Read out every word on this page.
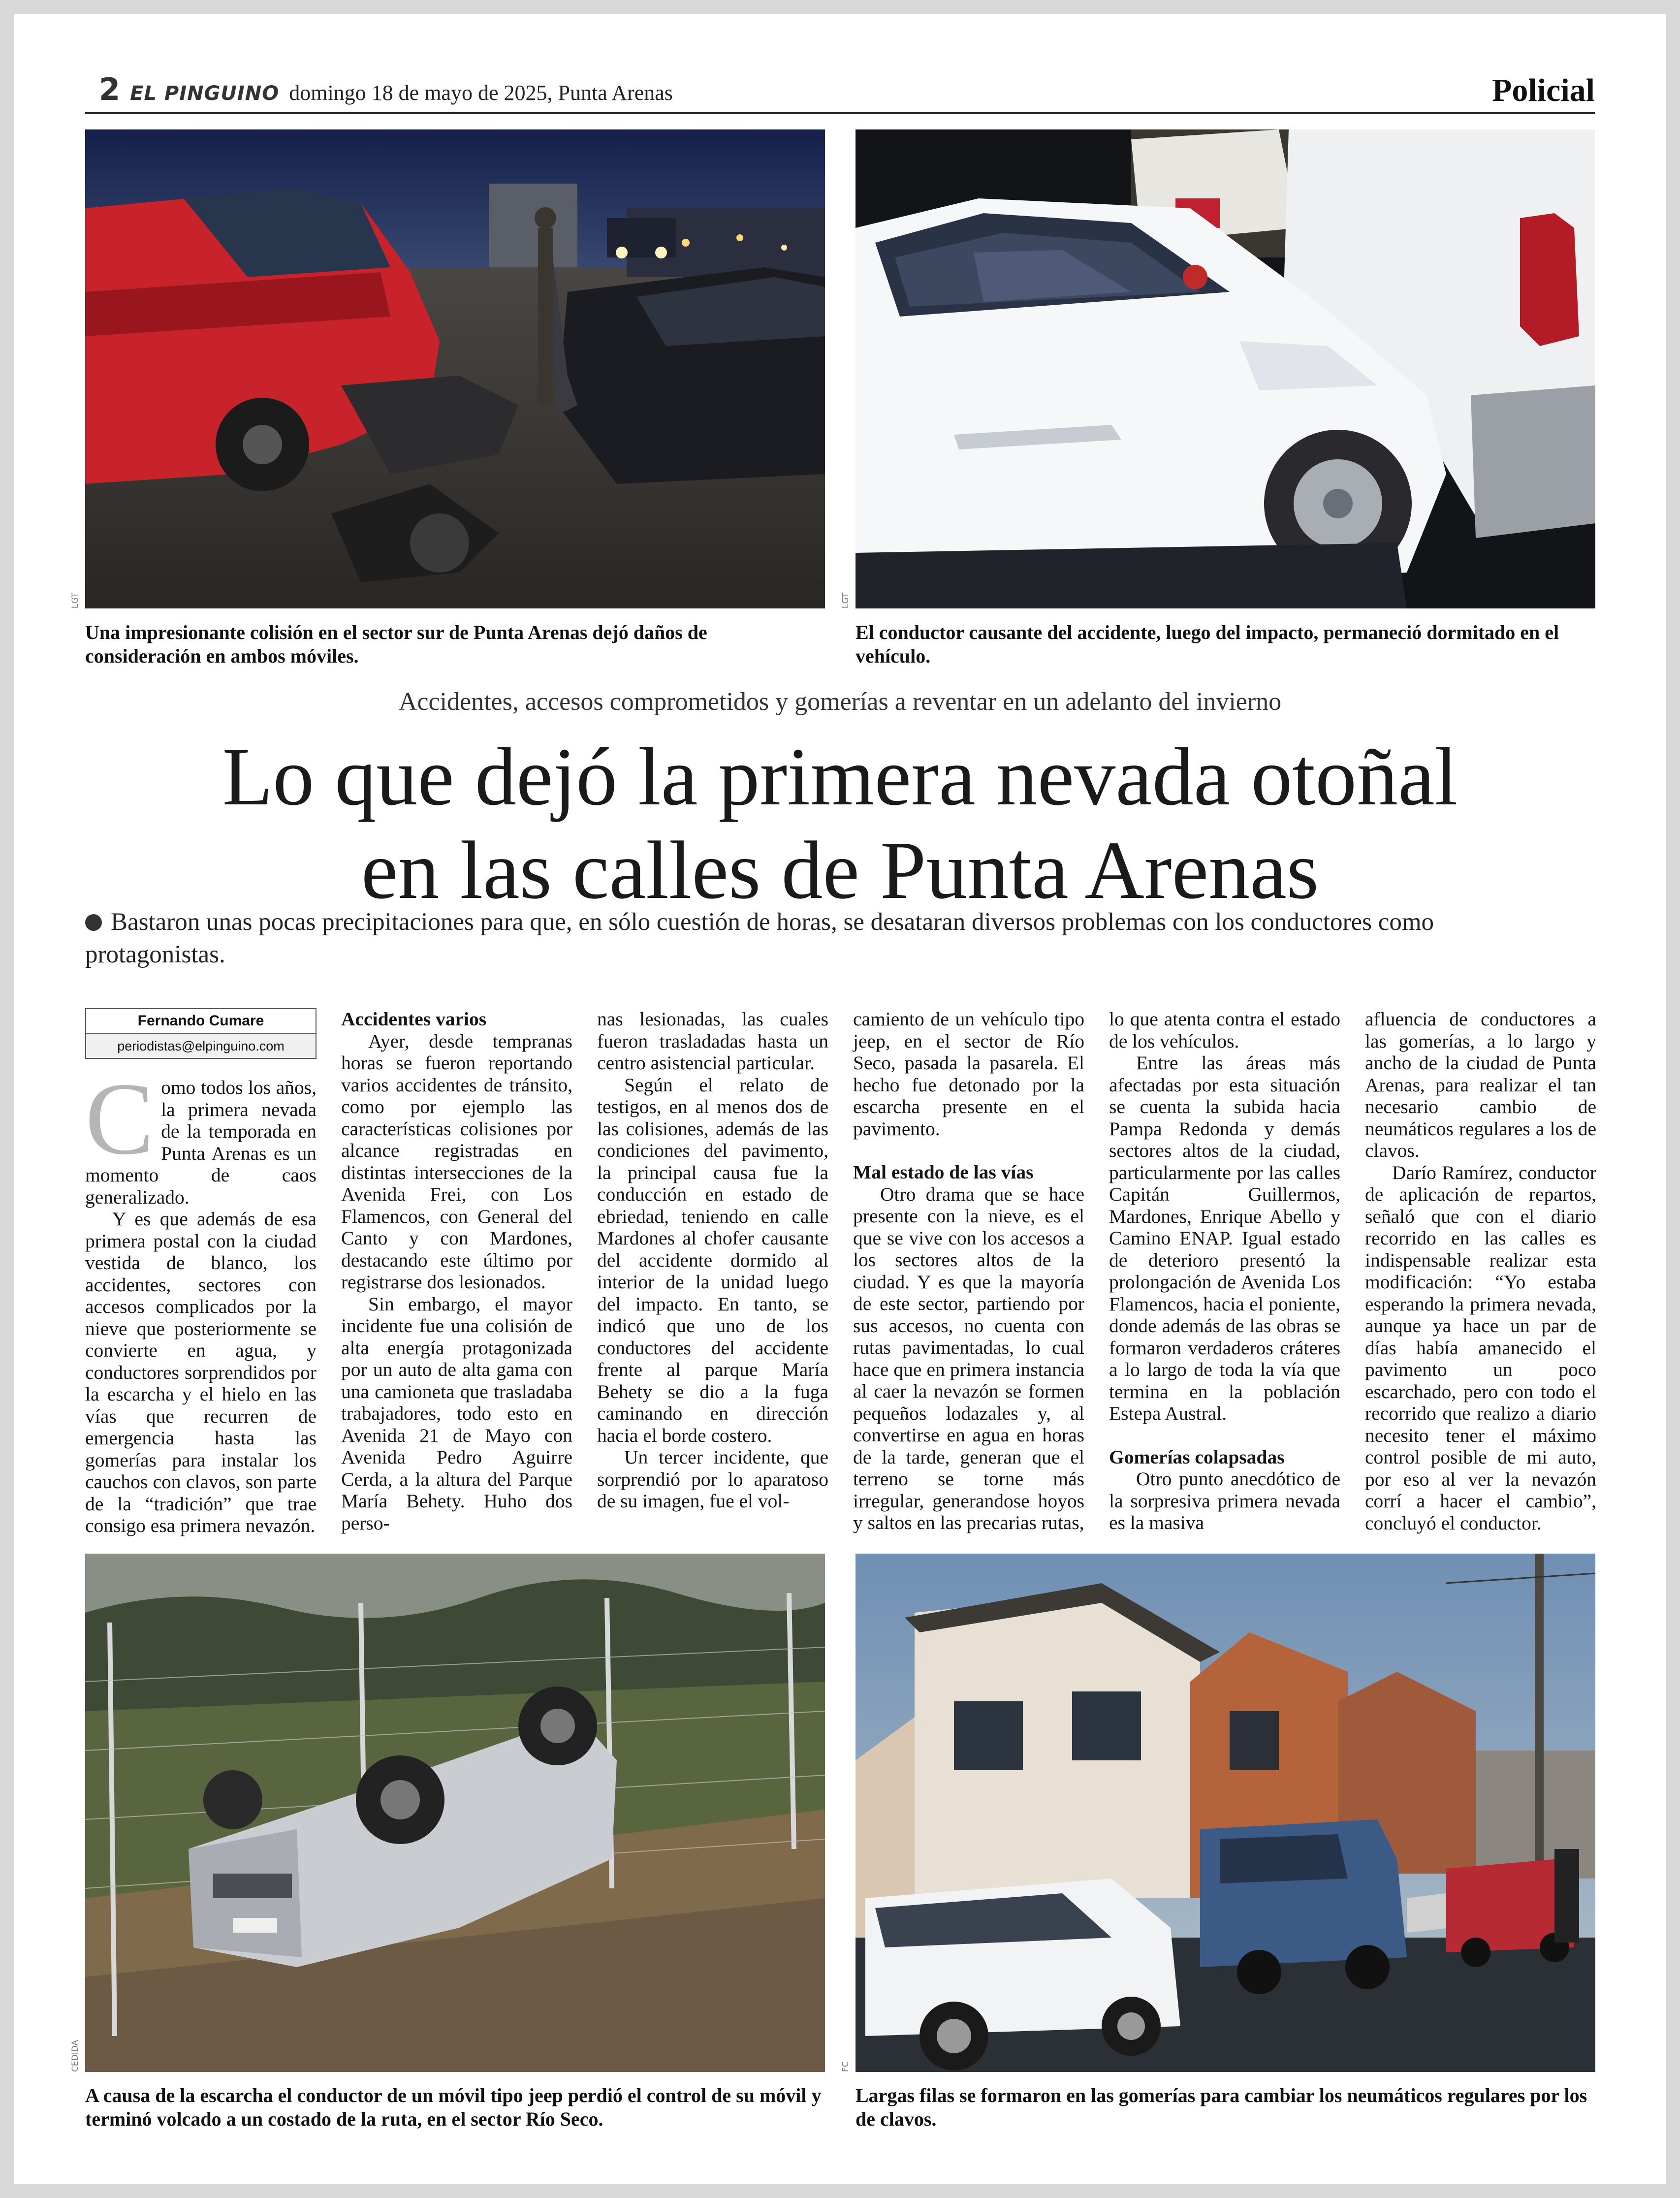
2 EL PINGUINO domingo 18 de mayo de 2025, Punta Arenas	Policial
LGT
Una impresionante colisión en el sector sur de Punta Arenas dejó daños de consideración en ambos móviles.
LGT
El conductor causante del accidente, luego del impacto, permaneció dormitado en el vehículo.
Accidentes, accesos comprometidos y gomerías a reventar en un adelanto del invierno
Lo que dejó la primera nevada otoñal
en las calles de Punta Arenas
Bastaron unas pocas precipitaciones para que, en sólo cuestión de horas, se desataran diversos problemas con los conductores como protagonistas.
Fernando Cumare
periodistas@elpinguino.com

Como todos los años, la primera nevada de la temporada en Punta Arenas es un momento de caos generalizado.

Y es que además de esa primera postal con la ciudad vestida de blanco, los accidentes, sectores con accesos complicados por la nieve que posteriormente se convierte en agua, y conductores sorprendidos por la escarcha y el hielo en las vías que recurren de emergencia hasta las gomerías para instalar los cauchos con clavos, son parte de la “tradición” que trae consigo esa primera nevazón.

Accidentes varios

Ayer, desde tempranas horas se fueron reportando varios accidentes de tránsito, como por ejemplo las características colisiones por alcance registradas en distintas intersecciones de la Avenida Frei, con Los Flamencos, con General del Canto y con Mardones, destacando este último por registrarse dos lesionados.

Sin embargo, el mayor incidente fue una colisión de alta energía protagonizada por un auto de alta gama con una camioneta que trasladaba trabajadores, todo esto en Avenida 21 de Mayo con Avenida Pedro Aguirre Cerda, a la altura del Parque María Behety. Huho dos perso-

nas lesionadas, las cuales fueron trasladadas hasta un centro asistencial particular.

Según el relato de testigos, en al menos dos de las colisiones, además de las condiciones del pavimento, la principal causa fue la conducción en estado de ebriedad, teniendo en calle Mardones al chofer causante del accidente dormido al interior de la unidad luego del impacto. En tanto, se indicó que uno de los conductores del accidente frente al parque María Behety se dio a la fuga caminando en dirección hacia el borde costero.

Un tercer incidente, que sorprendió por lo aparatoso de su imagen, fue el vol-

camiento de un vehículo tipo jeep, en el sector de Río Seco, pasada la pasarela. El hecho fue detonado por la escarcha presente en el pavimento.

Mal estado de las vías

Otro drama que se hace presente con la nieve, es el que se vive con los accesos a los sectores altos de la ciudad. Y es que la mayoría de este sector, partiendo por sus accesos, no cuenta con rutas pavimentadas, lo cual hace que en primera instancia al caer la nevazón se formen pequeños lodazales y, al convertirse en agua en horas de la tarde, generan que el terreno se torne más irregular, generandose hoyos y saltos en las precarias rutas,

lo que atenta contra el estado de los vehículos.

Entre las áreas más afectadas por esta situación se cuenta la subida hacia Pampa Redonda y demás sectores altos de la ciudad, particularmente por las calles Capitán Guillermos, Mardones, Enrique Abello y Camino ENAP. Igual estado de deterioro presentó la prolongación de Avenida Los Flamencos, hacia el poniente, donde además de las obras se formaron verdaderos cráteres a lo largo de toda la vía que termina en la población Estepa Austral.

Gomerías colapsadas

Otro punto anecdótico de la sorpresiva primera nevada es la masiva

afluencia de conductores a las gomerías, a lo largo y ancho de la ciudad de Punta Arenas, para realizar el tan necesario cambio de neumáticos regulares a los de clavos.

Darío Ramírez, conductor de aplicación de repartos, señaló que con el diario recorrido en las calles es indispensable realizar esta modificación: “Yo estaba esperando la primera nevada, aunque ya hace un par de días había amanecido el pavimento un poco escarchado, pero con todo el recorrido que realizo a diario necesito tener el máximo control posible de mi auto, por eso al ver la nevazón corrí a hacer el cambio”, concluyó el conductor.

CEDIDA
A causa de la escarcha el conductor de un móvil tipo jeep perdió el control de su móvil y terminó volcado a un costado de la ruta, en el sector Río Seco.
FC
Largas filas se formaron en las gomerías para cambiar los neumáticos regulares por los de clavos.
